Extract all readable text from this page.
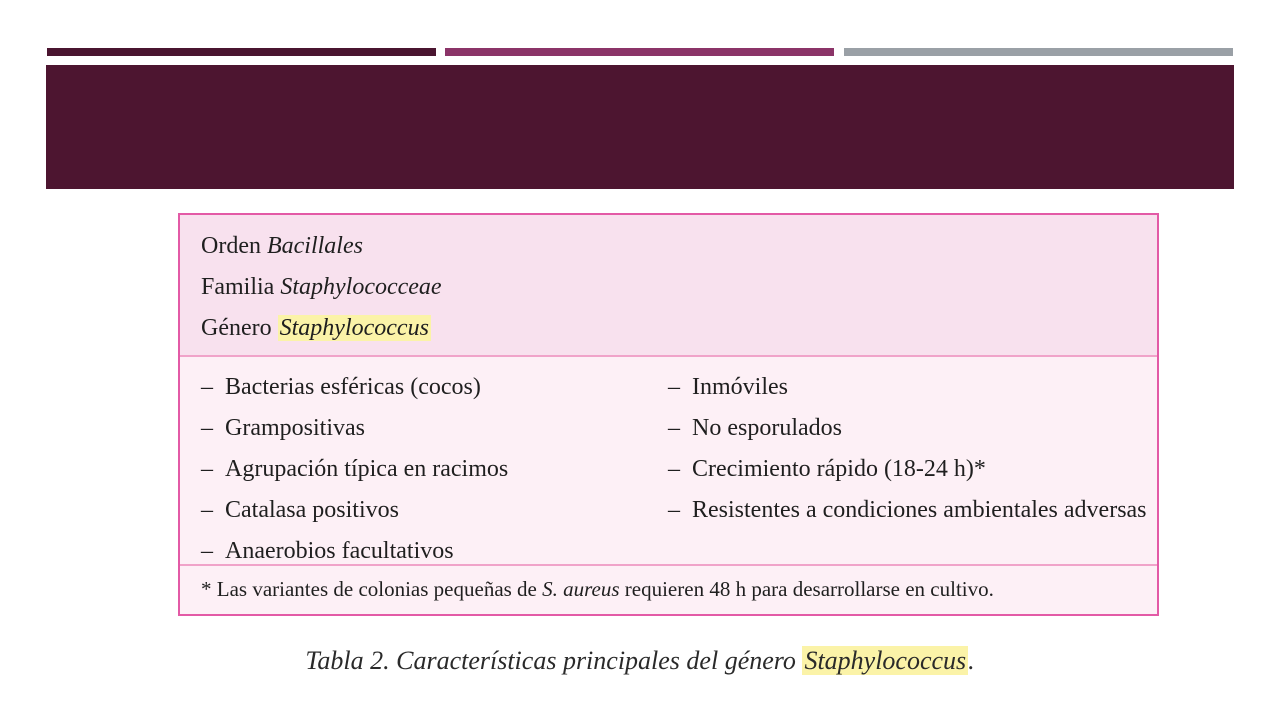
Orden Bacillales
Familia Staphylococceae
Género Staphylococcus
– Bacterias esféricas (cocos)
– Grampositivas
– Agrupación típica en racimos
– Catalasa positivos
– Anaerobios facultativos
– Inmóviles
– No esporulados
– Crecimiento rápido (18-24 h)*
– Resistentes a condiciones ambientales adversas
* Las variantes de colonias pequeñas de S. aureus requieren 48 h para desarrollarse en cultivo.
Tabla 2. Características principales del género Staphylococcus.
